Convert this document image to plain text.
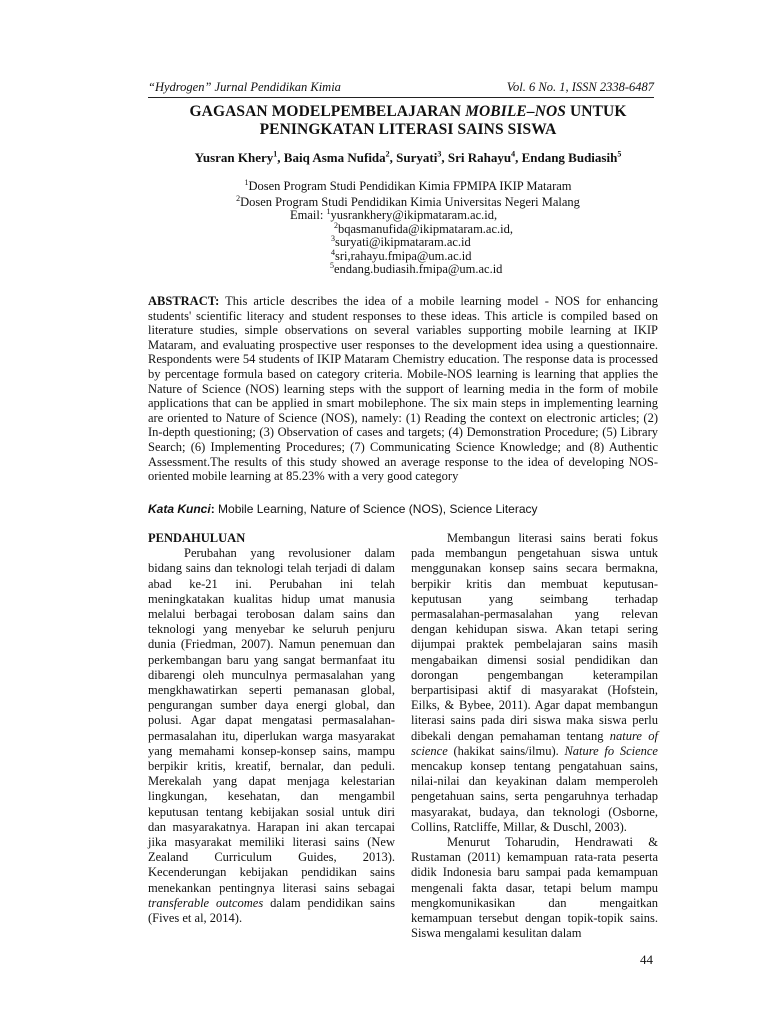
“Hydrogen” Jurnal Pendidikan Kimia	Vol. 6 No. 1, ISSN 2338-6487
GAGASAN MODELPEMBELAJARAN MOBILE–NOS UNTUK PENINGKATAN LITERASI SAINS SISWA
Yusran Khery$^1$, Baiq Asma Nufida$^2$, Suryati$^3$, Sri Rahayu$^4$, Endang Budiasih$^5$
$^1$Dosen Program Studi Pendidikan Kimia FPMIPA IKIP Mataram
$^2$Dosen Program Studi Pendidikan Kimia Universitas Negeri Malang
Email: $^1$yusrankhery@ikipmataram.ac.id,
$^2$bqasmanufida@ikipmataram.ac.id,
$^3$suryati@ikipmataram.ac.id
$^4$sri,rahayu.fmipa@um.ac.id
$^5$endang.budiasih.fmipa@um.ac.id
ABSTRACT: This article describes the idea of a mobile learning model - NOS for enhancing students' scientific literacy and student responses to these ideas. This article is compiled based on literature studies, simple observations on several variables supporting mobile learning at IKIP Mataram, and evaluating prospective user responses to the development idea using a questionnaire. Respondents were 54 students of IKIP Mataram Chemistry education. The response data is processed by percentage formula based on category criteria. Mobile-NOS learning is learning that applies the Nature of Science (NOS) learning steps with the support of learning media in the form of mobile applications that can be applied in smart mobilephone. The six main steps in implementing learning are oriented to Nature of Science (NOS), namely: (1) Reading the context on electronic articles; (2) In-depth questioning; (3) Observation of cases and targets; (4) Demonstration Procedure; (5) Library Search; (6) Implementing Procedures; (7) Communicating Science Knowledge; and (8) Authentic Assessment.The results of this study showed an average response to the idea of developing NOS-oriented mobile learning at 85.23% with a very good category
Kata Kunci: Mobile Learning, Nature of Science (NOS), Science Literacy

PENDAHULUAN

Perubahan yang revolusioner dalam bidang sains dan teknologi telah terjadi di dalam abad ke-21 ini. Perubahan ini telah meningkatakan kualitas hidup umat manusia melalui berbagai terobosan dalam sains dan teknologi yang menyebar ke seluruh penjuru dunia (Friedman, 2007). Namun penemuan dan perkembangan baru yang sangat bermanfaat itu dibarengi oleh munculnya permasalahan yang mengkhawatirkan seperti pemanasan global, pengurangan sumber daya energi global, dan polusi. Agar dapat mengatasi permasalahan-permasalahan itu, diperlukan warga masyarakat yang memahami konsep-konsep sains, mampu berpikir kritis, kreatif, bernalar, dan peduli. Merekalah yang dapat menjaga kelestarian lingkungan, kesehatan, dan mengambil keputusan tentang kebijakan sosial untuk diri dan masyarakatnya. Harapan ini akan tercapai jika masyarakat memiliki literasi sains (New Zealand Curriculum Guides, 2013). Kecenderungan kebijakan pendidikan sains menekankan pentingnya literasi sains sebagai transferable outcomes dalam pendidikan sains (Fives et al, 2014).

Membangun literasi sains berati fokus pada membangun pengetahuan siswa untuk menggunakan konsep sains secara bermakna, berpikir kritis dan membuat keputusan-keputusan yang seimbang terhadap permasalahan-permasalahan yang relevan dengan kehidupan siswa. Akan tetapi sering dijumpai praktek pembelajaran sains masih mengabaikan dimensi sosial pendidikan dan dorongan pengembangan keterampilan berpartisipasi aktif di masyarakat (Hofstein, Eilks, & Bybee, 2011). Agar dapat membangun literasi sains pada diri siswa maka siswa perlu dibekali dengan pemahaman tentang nature of science (hakikat sains/ilmu). Nature fo Science mencakup konsep tentang pengatahuan sains, nilai-nilai dan keyakinan dalam memperoleh pengetahuan sains, serta pengaruhnya terhadap masyarakat, budaya, dan teknologi (Osborne, Collins, Ratcliffe, Millar, & Duschl, 2003).

Menurut Toharudin, Hendrawati & Rustaman (2011) kemampuan rata-rata peserta didik Indonesia baru sampai pada kemampuan mengenali fakta dasar, tetapi belum mampu mengkomunikasikan dan mengaitkan kemampuan tersebut dengan topik-topik sains. Siswa mengalami kesulitan dalam

44
